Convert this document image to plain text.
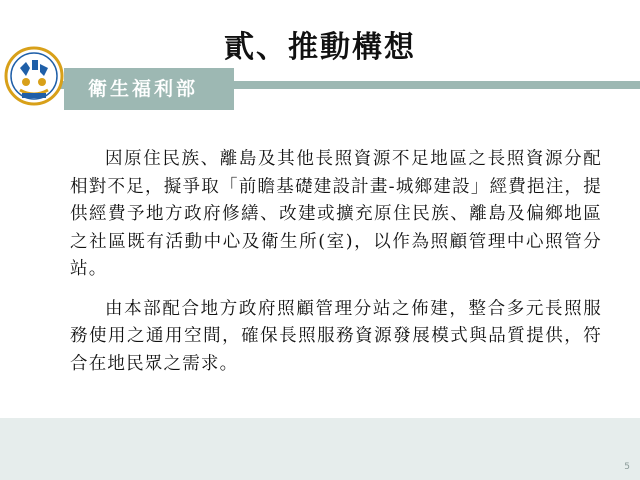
貳、推動構想
衛生福利部

因原住民族、離島及其他長照資源不足地區之長照資源分配相對不足，擬爭取「前瞻基礎建設計畫-城鄉建設」經費挹注，提供經費予地方政府修繕、改建或擴充原住民族、離島及偏鄉地區之社區既有活動中心及衛生所(室)，以作為照顧管理中心照管分站。

由本部配合地方政府照顧管理分站之佈建，整合多元長照服務使用之通用空間，確保長照服務資源發展模式與品質提供，符合在地民眾之需求。

5
